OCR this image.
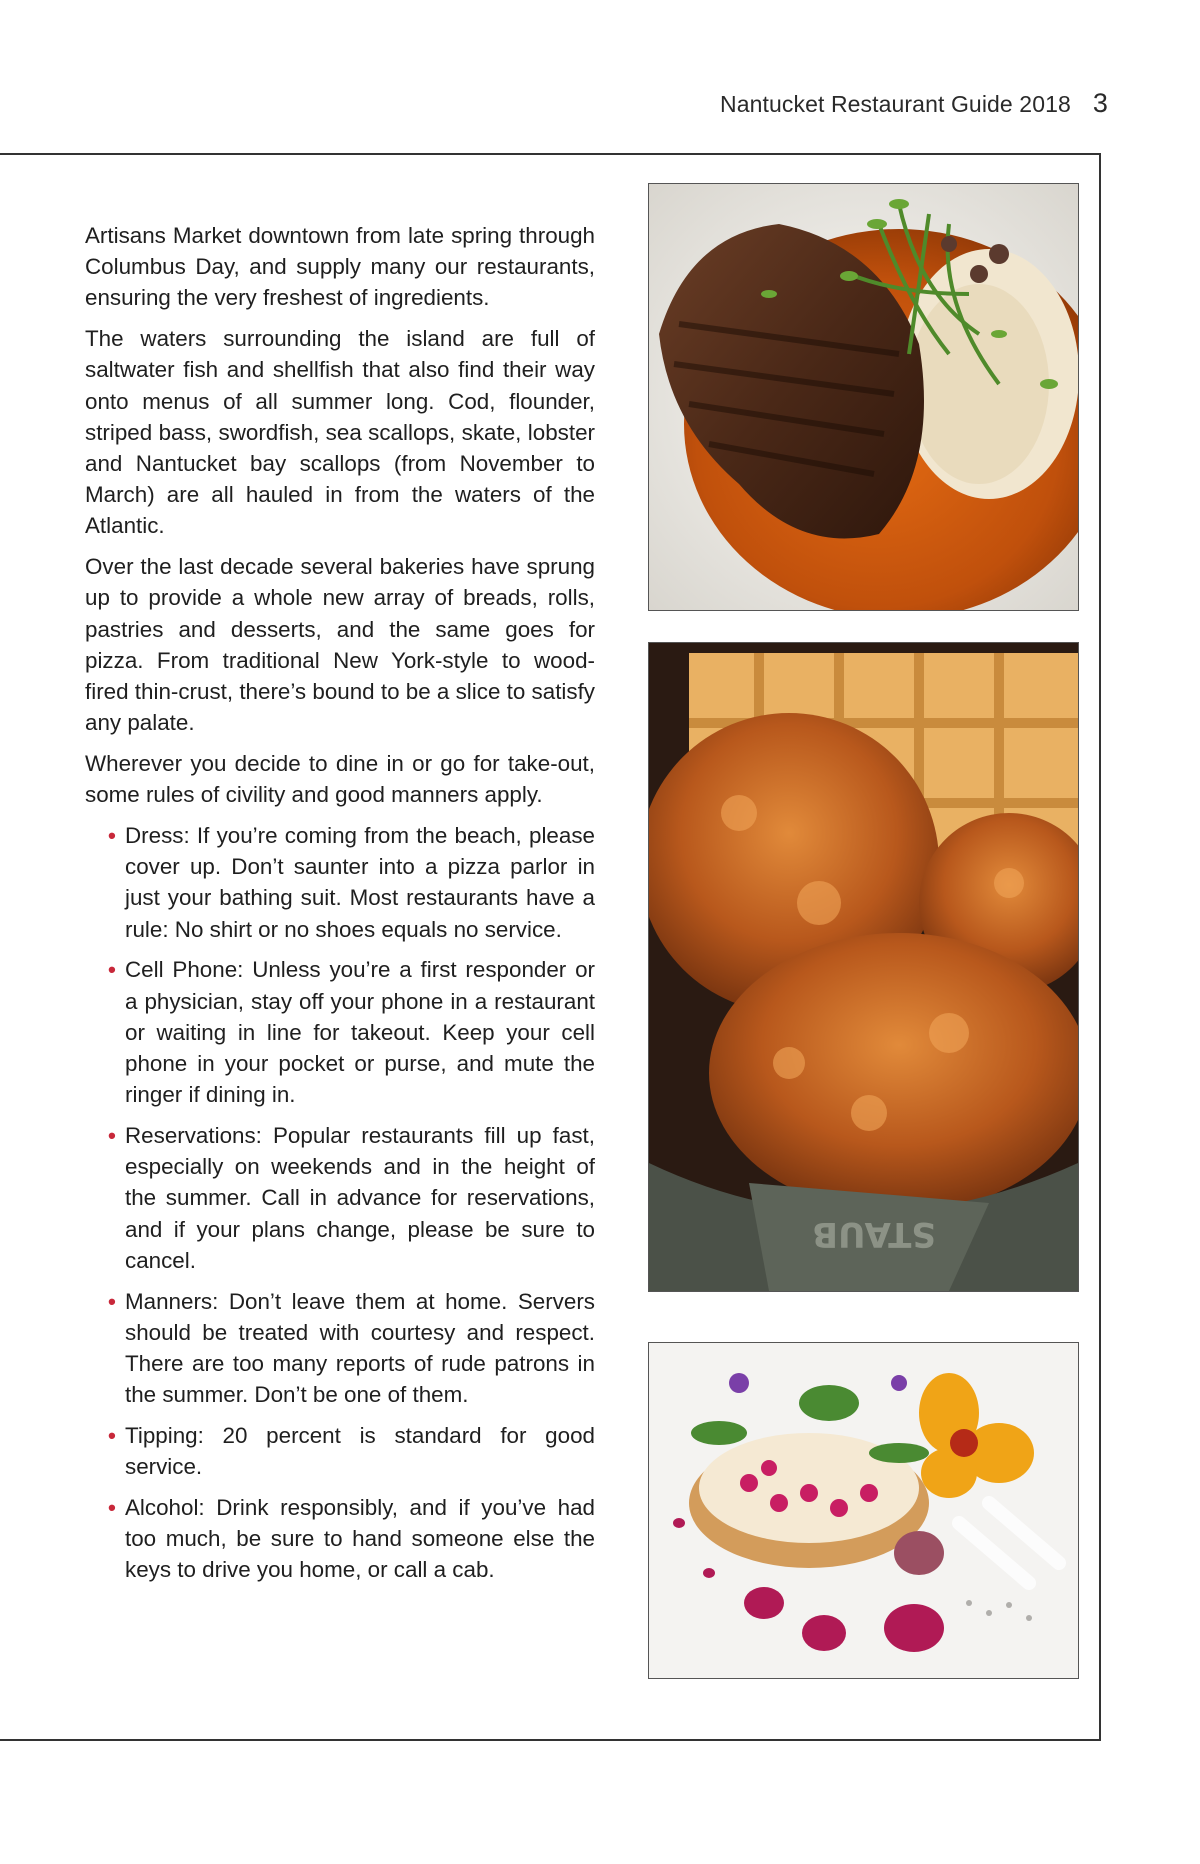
Nantucket Restaurant Guide 2018 3

Artisans Market downtown from late spring through Columbus Day, and supply many our restaurants, ensuring the very freshest of ingredients.

The waters surrounding the island are full of saltwater fish and shellfish that also find their way onto menus of all summer long. Cod, flounder, striped bass, swordfish, sea scallops, skate, lobster and Nantucket bay scallops (from November to March) are all hauled in from the waters of the Atlantic.

Over the last decade several bakeries have sprung up to provide a whole new array of breads, rolls, pastries and desserts, and the same goes for pizza. From traditional New York-style to wood-fired thin-crust, there’s bound to be a slice to satisfy any palate.

Wherever you decide to dine in or go for take-out, some rules of civility and good manners apply.

• Dress: If you’re coming from the beach, please cover up. Don’t saunter into a pizza parlor in just your bathing suit. Most restaurants have a rule: No shirt or no shoes equals no service.
• Cell Phone: Unless you’re a first responder or a physician, stay off your phone in a restaurant or waiting in line for takeout. Keep your cell phone in your pocket or purse, and mute the ringer if dining in.
• Reservations: Popular restaurants fill up fast, especially on weekends and in the height of the summer. Call in advance for reservations, and if your plans change, please be sure to cancel.
• Manners: Don’t leave them at home. Servers should be treated with courtesy and respect. There are too many reports of rude patrons in the summer. Don’t be one of them.
• Tipping: 20 percent is standard for good service.
• Alcohol: Drink responsibly, and if you’ve had too much, be sure to hand someone else the keys to drive you home, or call a cab.
STAUB
